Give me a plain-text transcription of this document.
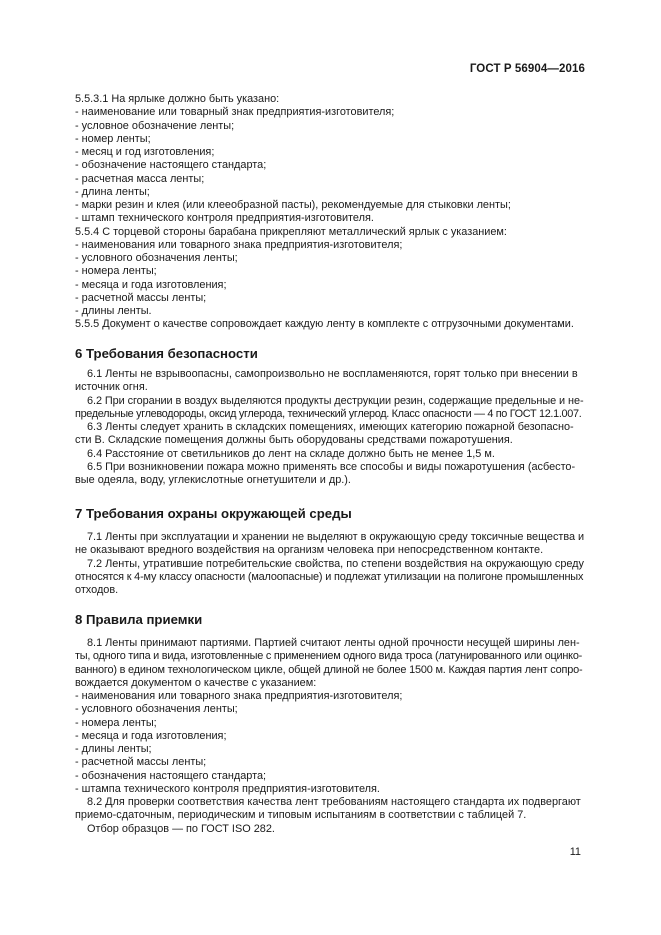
ГОСТ Р 56904—2016
5.5.3.1 На ярлыке должно быть указано:
- наименование или товарный знак предприятия-изготовителя;
- условное обозначение ленты;
- номер ленты;
- месяц и год изготовления;
- обозначение настоящего стандарта;
- расчетная масса ленты;
- длина ленты;
- марки резин и клея (или клееобразной пасты), рекомендуемые для стыковки ленты;
- штамп технического контроля предприятия-изготовителя.
5.5.4 С торцевой стороны барабана прикрепляют металлический ярлык с указанием:
- наименования или товарного знака предприятия-изготовителя;
- условного обозначения ленты;
- номера ленты;
- месяца и года изготовления;
- расчетной массы ленты;
- длины ленты.
5.5.5 Документ о качестве сопровождает каждую ленту в комплекте с отгрузочными документами.
6 Требования безопасности
6.1 Ленты не взрывоопасны, самопроизвольно не воспламеняются, горят только при внесении в
источник огня.
6.2 При сгорании в воздух выделяются продукты деструкции резин, содержащие предельные и не-
предельные углеводороды, оксид углерода, технический углерод. Класс опасности — 4 по ГОСТ 12.1.007.
6.3 Ленты следует хранить в складских помещениях, имеющих категорию пожарной безопасно-
сти В. Складские помещения должны быть оборудованы средствами пожаротушения.
6.4 Расстояние от светильников до лент на складе должно быть не менее 1,5 м.
6.5 При возникновении пожара можно применять все способы и виды пожаротушения (асбесто-
вые одеяла, воду, углекислотные огнетушители и др.).
7 Требования охраны окружающей среды
7.1 Ленты при эксплуатации и хранении не выделяют в окружающую среду токсичные вещества и
не оказывают вредного воздействия на организм человека при непосредственном контакте.
7.2 Ленты, утратившие потребительские свойства, по степени воздействия на окружающую среду
относятся к 4-му классу опасности (малоопасные) и подлежат утилизации на полигоне промышленных
отходов.
8 Правила приемки
8.1 Ленты принимают партиями. Партией считают ленты одной прочности несущей ширины лен-
ты, одного типа и вида, изготовленные с применением одного вида троса (латунированного или оцинко-
ванного) в едином технологическом цикле, общей длиной не более 1500 м. Каждая партия лент сопро-
вождается документом о качестве с указанием:
- наименования или товарного знака предприятия-изготовителя;
- условного обозначения ленты;
- номера ленты;
- месяца и года изготовления;
- длины ленты;
- расчетной массы ленты;
- обозначения настоящего стандарта;
- штампа технического контроля предприятия-изготовителя.
8.2 Для проверки соответствия качества лент требованиям настоящего стандарта их подвергают
приемо-сдаточным, периодическим и типовым испытаниям в соответствии с таблицей 7.
Отбор образцов — по ГОСТ ISO 282.
11
